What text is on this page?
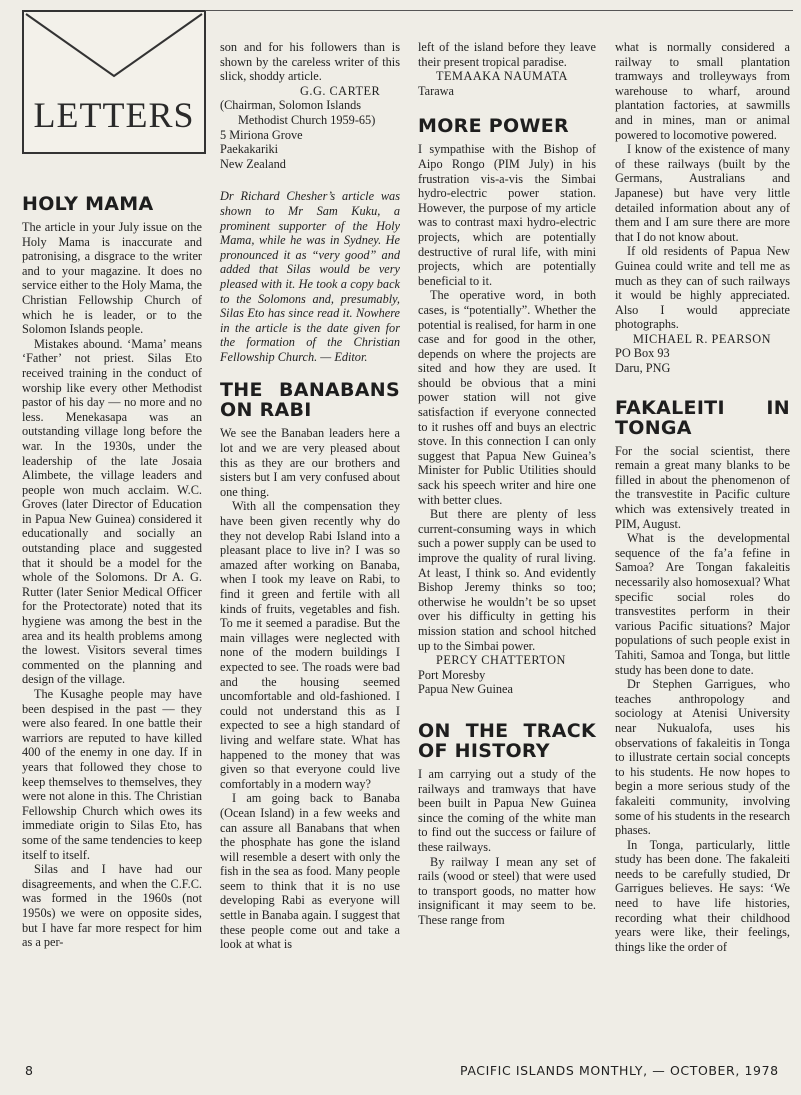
LETTERS
HOLY MAMA

The article in your July issue on the Holy Mama is inaccurate and patronising, a disgrace to the writer and to your magazine. It does no service either to the Holy Mama, the Christian Fellowship Church of which he is leader, or to the Solomon Islands people.

Mistakes abound. ‘Mama’ means ‘Father’ not priest. Silas Eto received training in the conduct of worship like every other Methodist pastor of his day — no more and no less. Menekasapa was an outstanding village long before the war. In the 1930s, under the leadership of the late Josaia Alimbete, the village leaders and people won much acclaim. W.C. Groves (later Director of Education in Papua New Guinea) considered it educationally and socially an outstanding place and suggested that it should be a model for the whole of the Solomons. Dr A. G. Rutter (later Senior Medical Officer for the Protectorate) noted that its hygiene was among the best in the area and its health problems among the lowest. Visitors several times commented on the planning and design of the village.

The Kusaghe people may have been despised in the past — they were also feared. In one battle their warriors are reputed to have killed 400 of the enemy in one day. If in years that followed they chose to keep themselves to themselves, they were not alone in this. The Christian Fellowship Church which owes its immediate origin to Silas Eto, has some of the same tendencies to keep itself to itself.

Silas and I have had our disagreements, and when the C.F.C. was formed in the 1960s (not 1950s) we were on opposite sides, but I have far more respect for him as a per-

son and for his followers than is shown by the careless writer of this slick, shoddy article.

G.G. CARTER
(Chairman, Solomon Islands
Methodist Church 1959-65)
5 Miriona Grove
Paekakariki
New Zealand

Dr Richard Chesher’s article was shown to Mr Sam Kuku, a prominent supporter of the Holy Mama, while he was in Sydney. He pronounced it as “very good” and added that Silas would be very pleased with it. He took a copy back to the Solomons and, presumably, Silas Eto has since read it. Nowhere in the article is the date given for the formation of the Christian Fellowship Church. — Editor.

THE BANABANS ON RABI

We see the Banaban leaders here a lot and we are very pleased about this as they are our brothers and sisters but I am very confused about one thing.

With all the compensation they have been given recently why do they not develop Rabi Island into a pleasant place to live in? I was so amazed after working on Banaba, when I took my leave on Rabi, to find it green and fertile with all kinds of fruits, vegetables and fish. To me it seemed a paradise. But the main villages were neglected with none of the modern buildings I expected to see. The roads were bad and the housing seemed uncomfortable and old-fashioned. I could not understand this as I expected to see a high standard of living and welfare state. What has happened to the money that was given so that everyone could live comfortably in a modern way?

I am going back to Banaba (Ocean Island) in a few weeks and can assure all Banabans that when the phosphate has gone the island will resemble a desert with only the fish in the sea as food. Many people seem to think that it is no use developing Rabi as everyone will settle in Banaba again. I suggest that these people come out and take a look at what is

left of the island before they leave their present tropical paradise.

TEMAAKA NAUMATA
Tarawa

MORE POWER

I sympathise with the Bishop of Aipo Rongo (PIM July) in his frustration vis-a-vis the Simbai hydro-electric power station. However, the purpose of my article was to contrast maxi hydro-electric projects, which are potentially destructive of rural life, with mini projects, which are potentially beneficial to it.

The operative word, in both cases, is “potentially”. Whether the potential is realised, for harm in one case and for good in the other, depends on where the projects are sited and how they are used. It should be obvious that a mini power station will not give satisfaction if everyone connected to it rushes off and buys an electric stove. In this connection I can only suggest that Papua New Guinea’s Minister for Public Utilities should sack his speech writer and hire one with better clues.

But there are plenty of less current-consuming ways in which such a power supply can be used to improve the quality of rural living. At least, I think so. And evidently Bishop Jeremy thinks so too; otherwise he wouldn’t be so upset over his difficulty in getting his mission station and school hitched up to the Simbai power.

PERCY CHATTERTON
Port Moresby
Papua New Guinea

ON THE TRACK OF HISTORY

I am carrying out a study of the railways and tramways that have been built in Papua New Guinea since the coming of the white man to find out the success or failure of these railways.

By railway I mean any set of rails (wood or steel) that were used to transport goods, no matter how insignificant it may seem to be. These range from

what is normally considered a railway to small plantation tramways and trolleyways from warehouse to wharf, around plantation factories, at sawmills and in mines, man or animal powered to locomotive powered.

I know of the existence of many of these railways (built by the Germans, Australians and Japanese) but have very little detailed information about any of them and I am sure there are more that I do not know about.

If old residents of Papua New Guinea could write and tell me as much as they can of such railways it would be highly appreciated. Also I would appreciate photographs.

MICHAEL R. PEARSON
PO Box 93
Daru, PNG

FAKALEITI IN TONGA

For the social scientist, there remain a great many blanks to be filled in about the phenomenon of the transvestite in Pacific culture which was extensively treated in PIM, August.

What is the developmental sequence of the fa’a fefine in Samoa? Are Tongan fakaleitis necessarily also homosexual? What specific social roles do transvestites perform in their various Pacific situations? Major populations of such people exist in Tahiti, Samoa and Tonga, but little study has been done to date.

Dr Stephen Garrigues, who teaches anthropology and sociology at Atenisi University near Nukualofa, uses his observations of fakaleitis in Tonga to illustrate certain social concepts to his students. He now hopes to begin a more serious study of the fakaleiti community, involving some of his students in the research phases.

In Tonga, particularly, little study has been done. The fakaleiti needs to be carefully studied, Dr Garrigues believes. He says: ‘We need to have life histories, recording what their childhood years were like, their feelings, things like the order of

8	PACIFIC ISLANDS MONTHLY, — OCTOBER, 1978
